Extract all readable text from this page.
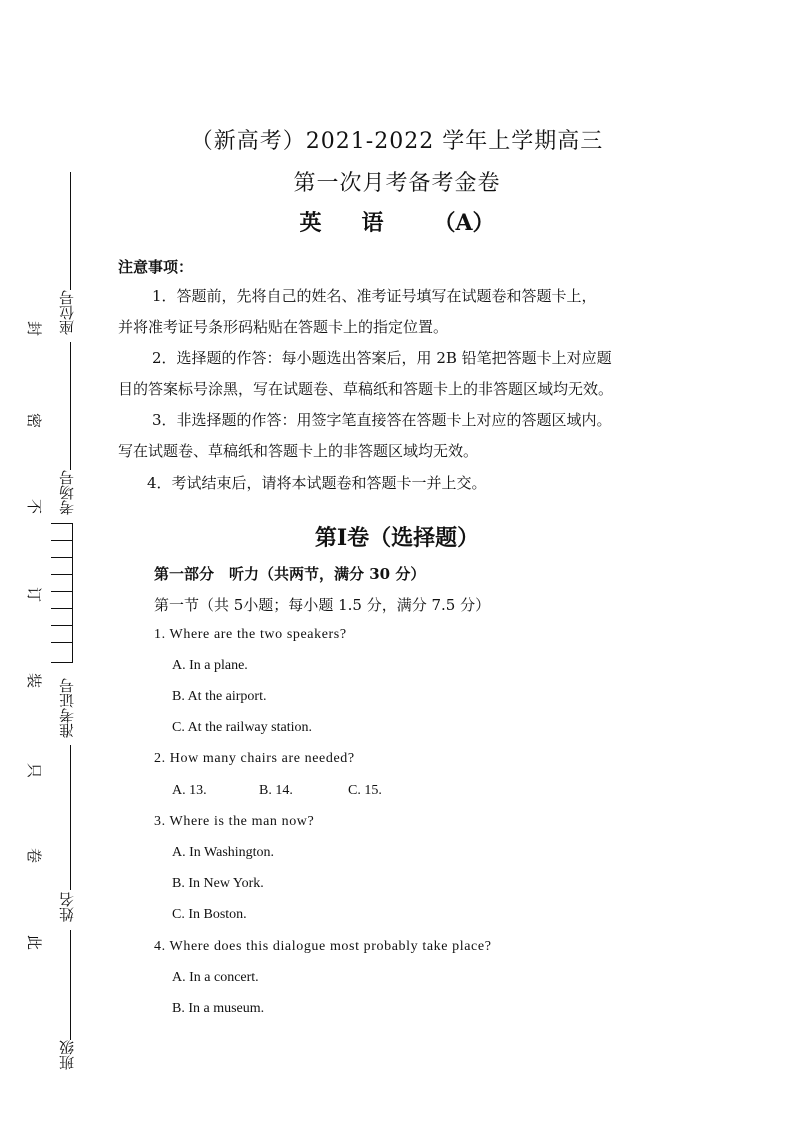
座位号
考场号
准考证号
姓名
班级
封
密
不
订
装
只
卷
此
（新高考）2021-2022 学年上学期高三
第一次月考备考金卷
英 语 （A）
注意事项：
1．答题前，先将自己的姓名、准考证号填写在试题卷和答题卡上，
并将准考证号条形码粘贴在答题卡上的指定位置。
2．选择题的作答：每小题选出答案后，用 2B 铅笔把答题卡上对应题
目的答案标号涂黑，写在试题卷、草稿纸和答题卡上的非答题区域均无效。
3．非选择题的作答：用签字笔直接答在答题卡上对应的答题区域内。
写在试题卷、草稿纸和答题卡上的非答题区域均无效。
4．考试结束后，请将本试题卷和答题卡一并上交。
第Ⅰ卷（选择题）
第一部分　听力（共两节，满分 30 分）
第一节（共 5小题；每小题 1.5 分，满分 7.5 分）
1. Where are the two speakers?
A. In a plane.
B. At the airport.
C. At the railway station.
2. How many chairs are needed?
A. 13.	B. 14.	C. 15.
3. Where is the man now?
A. In Washington.
B. In New York.
C. In Boston.
4. Where does this dialogue most probably take place?
A. In a concert.
B. In a museum.
